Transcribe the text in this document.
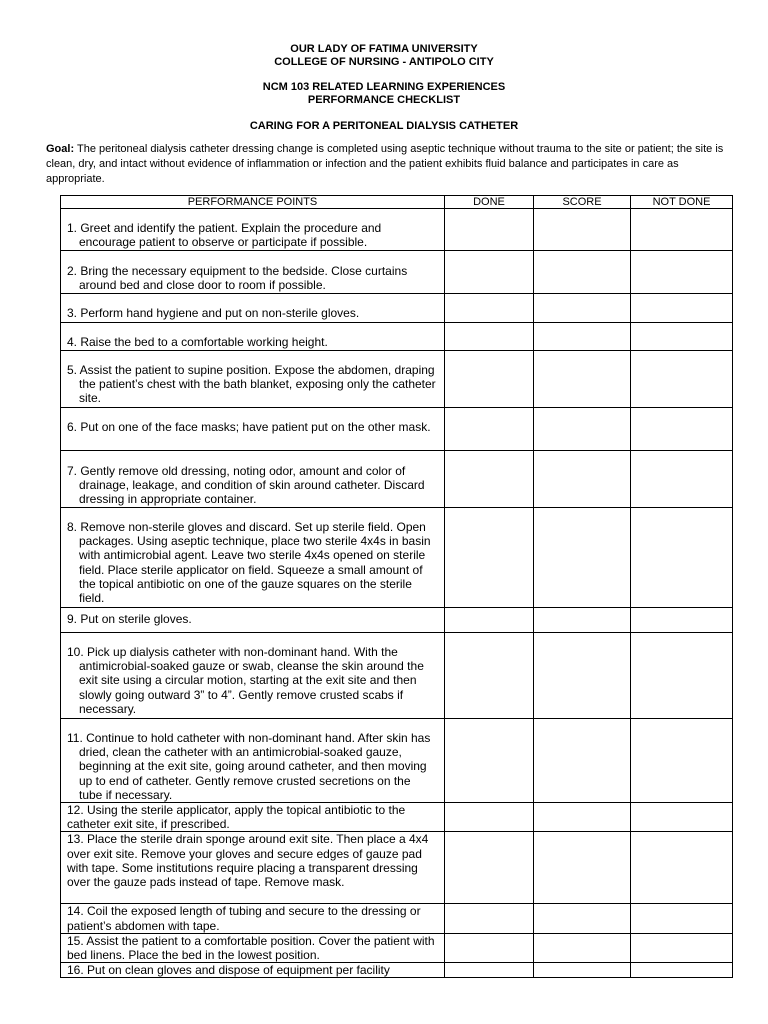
OUR LADY OF FATIMA UNIVERSITY
COLLEGE OF NURSING - ANTIPOLO CITY
NCM 103 RELATED LEARNING EXPERIENCES
PERFORMANCE CHECKLIST
CARING FOR A PERITONEAL DIALYSIS CATHETER
Goal: The peritoneal dialysis catheter dressing change is completed using aseptic technique without trauma to the site or patient; the site is clean, dry, and intact without evidence of inflammation or infection and the patient exhibits fluid balance and participates in care as appropriate.
PERFORMANCE POINTS	DONE	SCORE	NOT DONE

1. Greet and identify the patient. Explain the procedure and encourage patient to observe or participate if possible.			

2. Bring the necessary equipment to the bedside. Close curtains around bed and close door to room if possible.			

3. Perform hand hygiene and put on non-sterile gloves.			

4. Raise the bed to a comfortable working height.			

5. Assist the patient to supine position. Expose the abdomen, draping the patient’s chest with the bath blanket, exposing only the catheter site.			

6. Put on one of the face masks; have patient put on the other mask.			

7. Gently remove old dressing, noting odor, amount and color of drainage, leakage, and condition of skin around catheter. Discard dressing in appropriate container.			

8. Remove non-sterile gloves and discard. Set up sterile field. Open packages. Using aseptic technique, place two sterile 4x4s in basin with antimicrobial agent. Leave two sterile 4x4s opened on sterile field. Place sterile applicator on field. Squeeze a small amount of the topical antibiotic on one of the gauze squares on the sterile field.			

9. Put on sterile gloves.			

10. Pick up dialysis catheter with non-dominant hand. With the antimicrobial-soaked gauze or swab, cleanse the skin around the exit site using a circular motion, starting at the exit site and then slowly going outward 3” to 4”. Gently remove crusted scabs if necessary.			

11. Continue to hold catheter with non-dominant hand. After skin has dried, clean the catheter with an antimicrobial-soaked gauze, beginning at the exit site, going around catheter, and then moving up to end of catheter. Gently remove crusted secretions on the tube if necessary.			

12. Using the sterile applicator, apply the topical antibiotic to the catheter exit site, if prescribed.			

13. Place the sterile drain sponge around exit site. Then place a 4x4 over exit site. Remove your gloves and secure edges of gauze pad with tape. Some institutions require placing a transparent dressing over the gauze pads instead of tape. Remove mask.			

14. Coil the exposed length of tubing and secure to the dressing or patient’s abdomen with tape.			

15. Assist the patient to a comfortable position. Cover the patient with bed linens. Place the bed in the lowest position.			

16. Put on clean gloves and dispose of equipment per facility			
